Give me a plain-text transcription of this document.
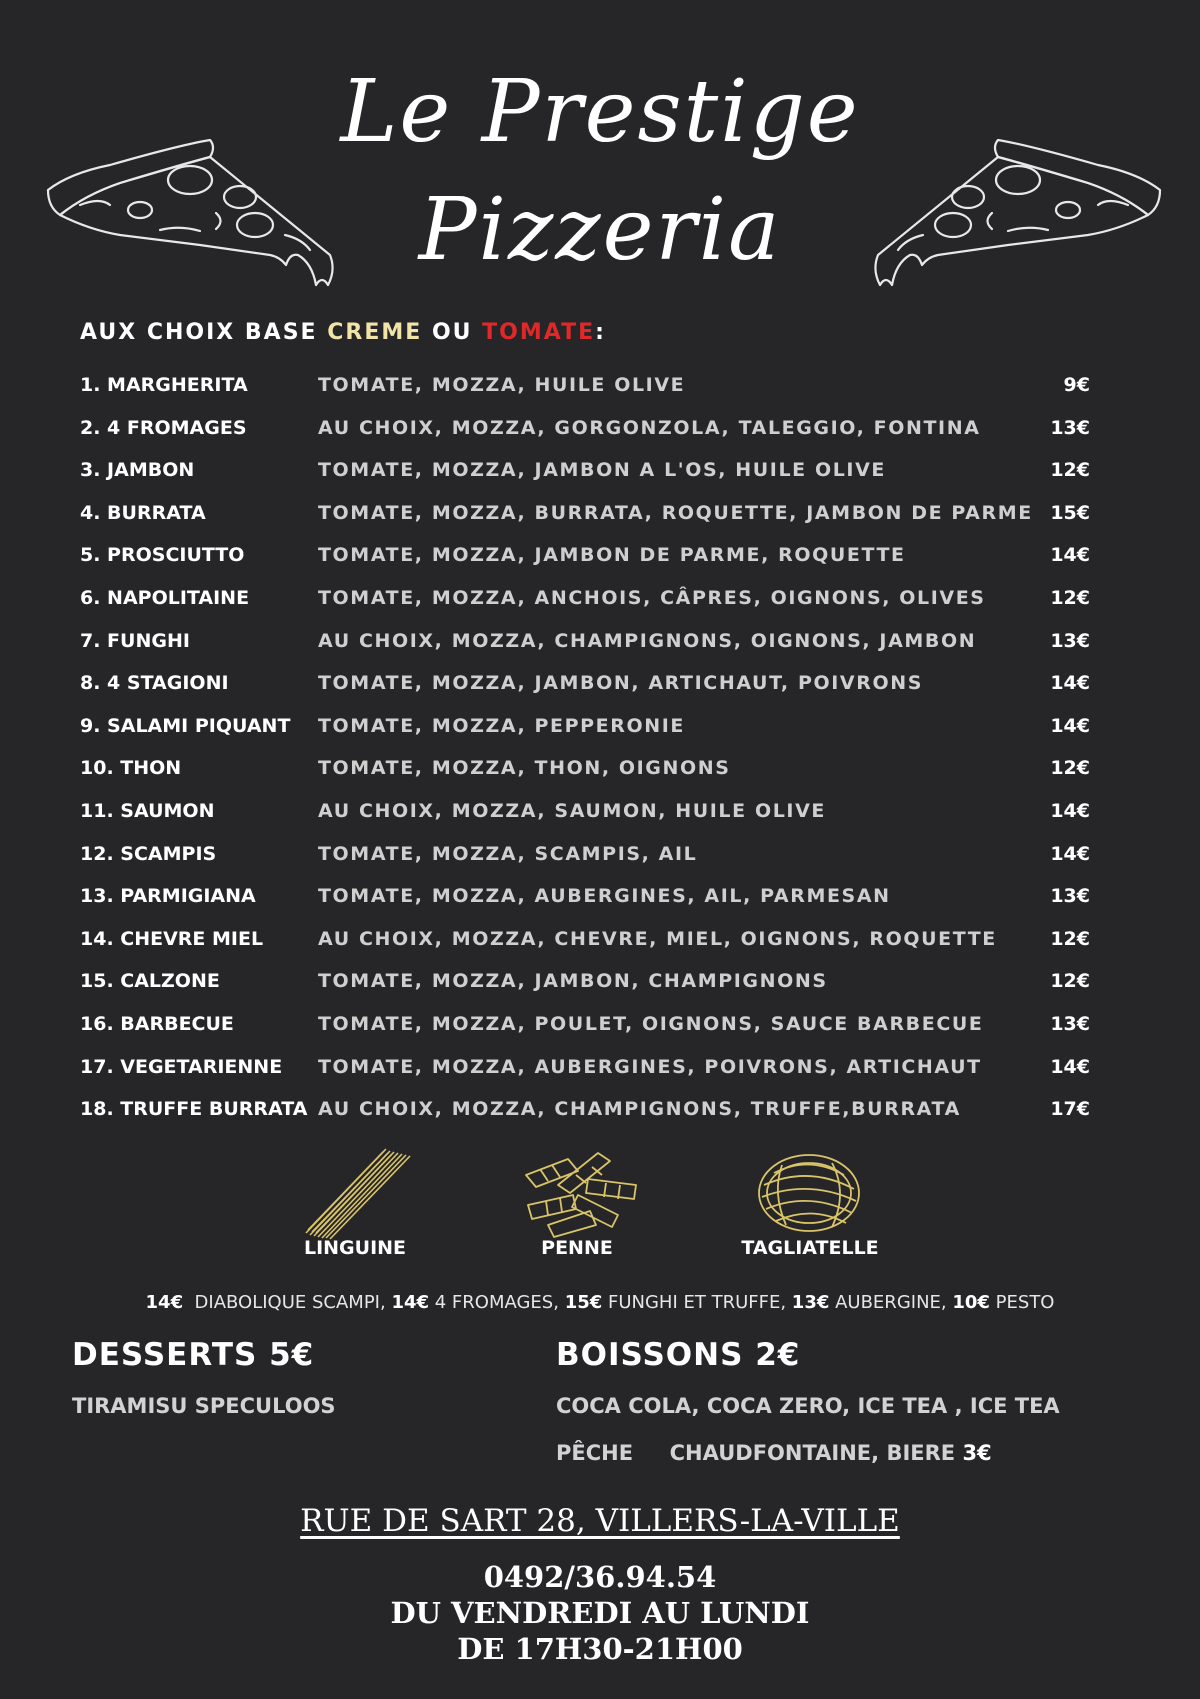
Le Prestige
Pizzeria
AUX CHOIX BASE CREME OU TOMATE:
1. MARGHERITA	TOMATE, MOZZA, HUILE OLIVE	9€
2. 4 FROMAGES	AU CHOIX, MOZZA, GORGONZOLA, TALEGGIO, FONTINA	13€
3. JAMBON	TOMATE, MOZZA, JAMBON A L'OS, HUILE OLIVE	12€
4. BURRATA	TOMATE, MOZZA, BURRATA, ROQUETTE, JAMBON DE PARME 15€
5. PROSCIUTTO	TOMATE, MOZZA, JAMBON DE PARME, ROQUETTE	14€
6. NAPOLITAINE	TOMATE, MOZZA, ANCHOIS, CÂPRES, OIGNONS, OLIVES	12€
7. FUNGHI	AU CHOIX, MOZZA, CHAMPIGNONS, OIGNONS, JAMBON	13€
8. 4 STAGIONI	TOMATE, MOZZA, JAMBON, ARTICHAUT, POIVRONS	14€
9. SALAMI PIQUANT TOMATE, MOZZA, PEPPERONIE	14€
10. THON	TOMATE, MOZZA, THON, OIGNONS	12€
11. SAUMON	AU CHOIX, MOZZA, SAUMON, HUILE OLIVE	14€
12. SCAMPIS	TOMATE, MOZZA, SCAMPIS, AIL	14€
13. PARMIGIANA	TOMATE, MOZZA, AUBERGINES, AIL, PARMESAN	13€
14. CHEVRE MIEL	AU CHOIX, MOZZA, CHEVRE, MIEL, OIGNONS, ROQUETTE	12€
15. CALZONE	TOMATE, MOZZA, JAMBON, CHAMPIGNONS	12€
16. BARBECUE	TOMATE, MOZZA, POULET, OIGNONS, SAUCE BARBECUE	13€
17. VEGETARIENNE TOMATE, MOZZA, AUBERGINES, POIVRONS, ARTICHAUT	14€
18. TRUFFE BURRATA AU CHOIX, MOZZA, CHAMPIGNONS, TRUFFE,BURRATA	17€
LINGUINE	PENNE	TAGLIATELLE
14€  DIABOLIQUE SCAMPI, 14€ 4 FROMAGES, 15€ FUNGHI ET TRUFFE, 13€ AUBERGINE, 10€ PESTO
DESSERTS 5€
TIRAMISU SPECULOOS
BOISSONS 2€
COCA COLA, COCA ZERO, ICE TEA , ICE TEA
PÊCHE     CHAUDFONTAINE, BIERE 3€
RUE DE SART 28, VILLERS-LA-VILLE
0492/36.94.54
DU VENDREDI AU LUNDI
DE 17H30-21H00
